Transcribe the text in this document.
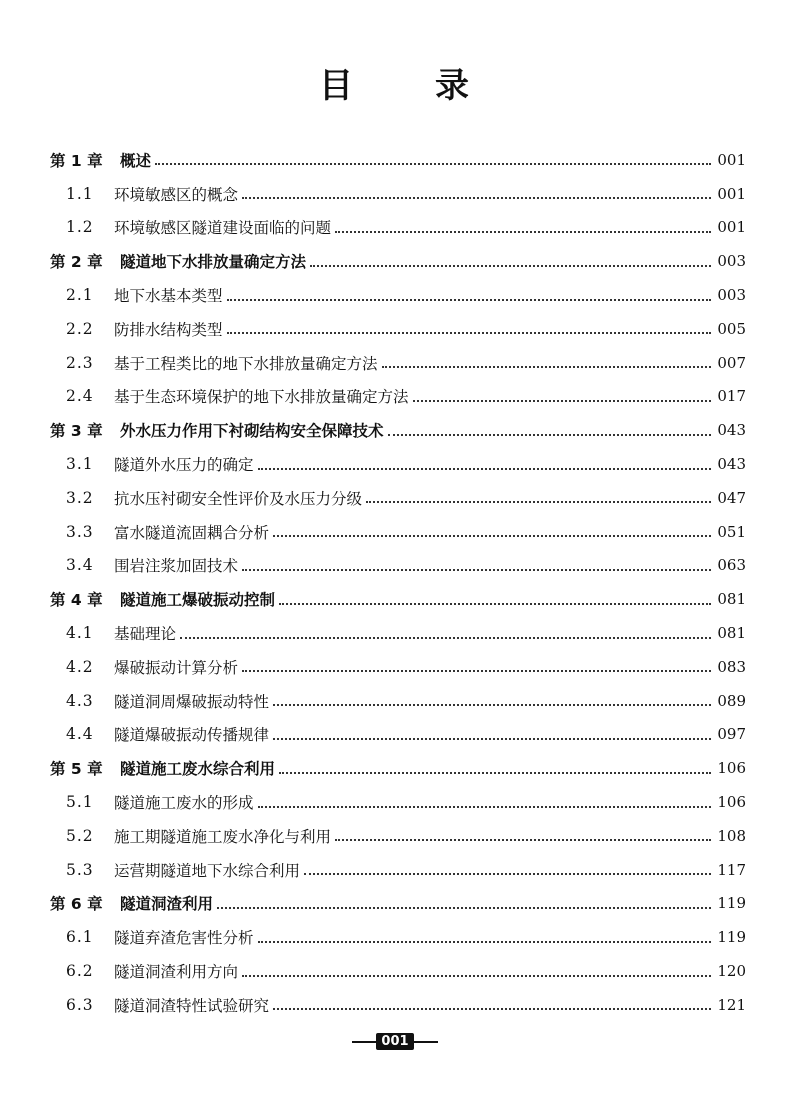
目 录
第 1 章	概述	001
1.1	环境敏感区的概念	001
1.2	环境敏感区隧道建设面临的问题	001
第 2 章	隧道地下水排放量确定方法	003
2.1	地下水基本类型	003
2.2	防排水结构类型	005
2.3	基于工程类比的地下水排放量确定方法	007
2.4	基于生态环境保护的地下水排放量确定方法	017
第 3 章	外水压力作用下衬砌结构安全保障技术	043
3.1	隧道外水压力的确定	043
3.2	抗水压衬砌安全性评价及水压力分级	047
3.3	富水隧道流固耦合分析	051
3.4	围岩注浆加固技术	063
第 4 章	隧道施工爆破振动控制	081
4.1	基础理论	081
4.2	爆破振动计算分析	083
4.3	隧道洞周爆破振动特性	089
4.4	隧道爆破振动传播规律	097
第 5 章	隧道施工废水综合利用	106
5.1	隧道施工废水的形成	106
5.2	施工期隧道施工废水净化与利用	108
5.3	运营期隧道地下水综合利用	117
第 6 章	隧道洞渣利用	119
6.1	隧道弃渣危害性分析	119
6.2	隧道洞渣利用方向	120
6.3	隧道洞渣特性试验研究	121
001
